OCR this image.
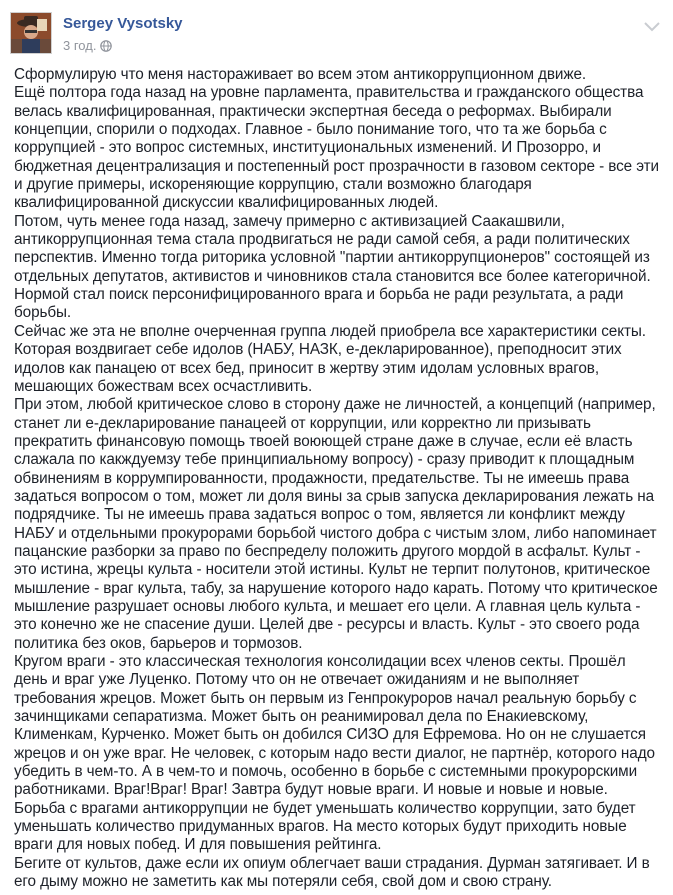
Sergey Vysotsky
3 год.

Сформулирую что меня настораживает во всем этом антикоррупционном движе.

Ещё полтора года назад на уровне парламента, правительства и гражданского общества велась квалифицированная, практически экспертная беседа о реформах. Выбирали концепции, спорили о подходах. Главное - было понимание того, что та же борьба с коррупцией - это вопрос системных, институциональных изменений. И Прозорро, и бюджетная децентрализация и постепенный рост прозрачности в газовом секторе - все эти и другие примеры, искореняющие коррупцию, стали возможно благодаря квалифицированной дискуссии квалифицированных людей.

Потом, чуть менее года назад, замечу примерно с активизацией Саакашвили, антикоррупционная тема стала продвигаться не ради самой себя, а ради политических перспектив. Именно тогда риторика условной "партии антикоррупционеров" состоящей из отдельных депутатов, активистов и чиновников стала становится все более категоричной. Нормой стал поиск персонифицированного врага и борьба не ради результата, а ради борьбы.

Сейчас же эта не вполне очерченная группа людей приобрела все характеристики секты. Которая воздвигает себе идолов (НАБУ, НАЗК, е-декларированное), преподносит этих идолов как панацею от всех бед, приносит в жертву этим идолам условных врагов, мешающих божествам всех осчастливить.

При этом, любой критическое слово в сторону даже не личностей, а концепций (например, станет ли е-декларирование панацеей от коррупции, или корректно ли призывать прекратить финансовую помощь твоей воюющей стране даже в случае, если её власть слажала по какждуемзу тебе принципиальному вопросу) - сразу приводит к площадным обвинениям в коррумпированности, продажности, предательстве. Ты не имеешь права задаться вопросом о том, может ли доля вины за срыв запуска декларирования лежать на подрядчике. Ты не имеешь права задаться вопрос о том, является ли конфликт между НАБУ и отдельными прокурорами борьбой чистого добра с чистым злом, либо напоминает пацанские разборки за право по беспределу положить другого мордой в асфальт. Культ - это истина, жрецы культа - носители этой истины. Культ не терпит полутонов, критическое мышление - враг культа, табу, за нарушение которого надо карать. Потому что критическое мышление разрушает основы любого культа, и мешает его цели. А главная цель культа - это конечно же не спасение души. Целей две - ресурсы и власть. Культ - это своего рода политика без оков, барьеров и тормозов.

Кругом враги - это классическая технология консолидации всех членов секты. Прошёл день и враг уже Луценко. Потому что он не отвечает ожиданиям и не выполняет требования жрецов. Может быть он первым из Генпрокуроров начал реальную борьбу с зачинщиками сепаратизма. Может быть он реанимировал дела по Енакиевскому, Клименкам, Курченко. Может быть он добился СИЗО для Ефремова. Но он не слушается жрецов и он уже враг. Не человек, с которым надо вести диалог, не партнёр, которого надо убедить в чем-то. А в чем-то и помочь, особенно в борьбе с системными прокурорскими работниками. Враг!Враг! Враг! Завтра будут новые враги. И новые и новые и новые. Борьба с врагами антикоррупции не будет уменьшать количество коррупции, зато будет уменьшать количество придуманных врагов. На место которых будут приходить новые враги для новых побед. И для повышения рейтинга.

Бегите от культов, даже если их опиум облегчает ваши страдания. Дурман затягивает. И в его дыму можно не заметить как мы потеряли себя, свой дом и свою страну.
